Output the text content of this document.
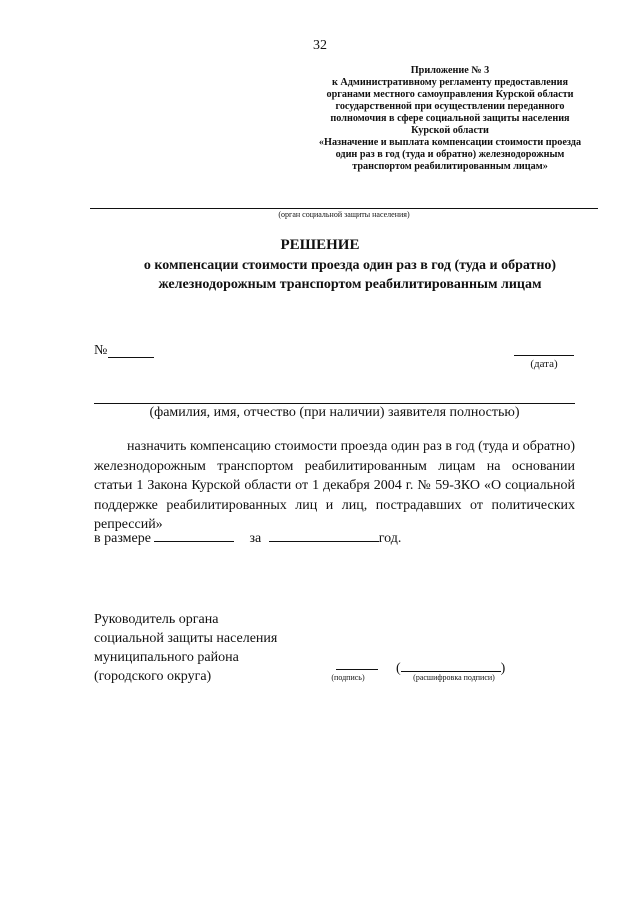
32
Приложение № 3
к Административному регламенту предоставления
органами местного самоуправления Курской области
государственной при осуществлении переданного
полномочия в сфере социальной защиты населения
Курской области
«Назначение и выплата компенсации стоимости проезда
один раз в год (туда и обратно) железнодорожным
транспортом реабилитированным лицам»
(орган социальной защиты населения)
РЕШЕНИЕ
о компенсации стоимости проезда один раз в год (туда и обратно)
железнодорожным транспортом реабилитированным лицам
№
(дата)
(фамилия, имя, отчество (при наличии) заявителя полностью)
назначить компенсацию стоимости проезда один раз в год (туда и обратно) железнодорожным транспортом реабилитированным лицам на основании статьи 1 Закона Курской области от 1 декабря 2004 г. № 59-ЗКО «О социальной поддержке реабилитированных лиц и лиц, пострадавших от политических репрессий»
в размере	за	год.
Руководитель органа
социальной защиты населения
муниципального района
(городского округа)	(подпись)
(	)
(расшифровка подписи)
